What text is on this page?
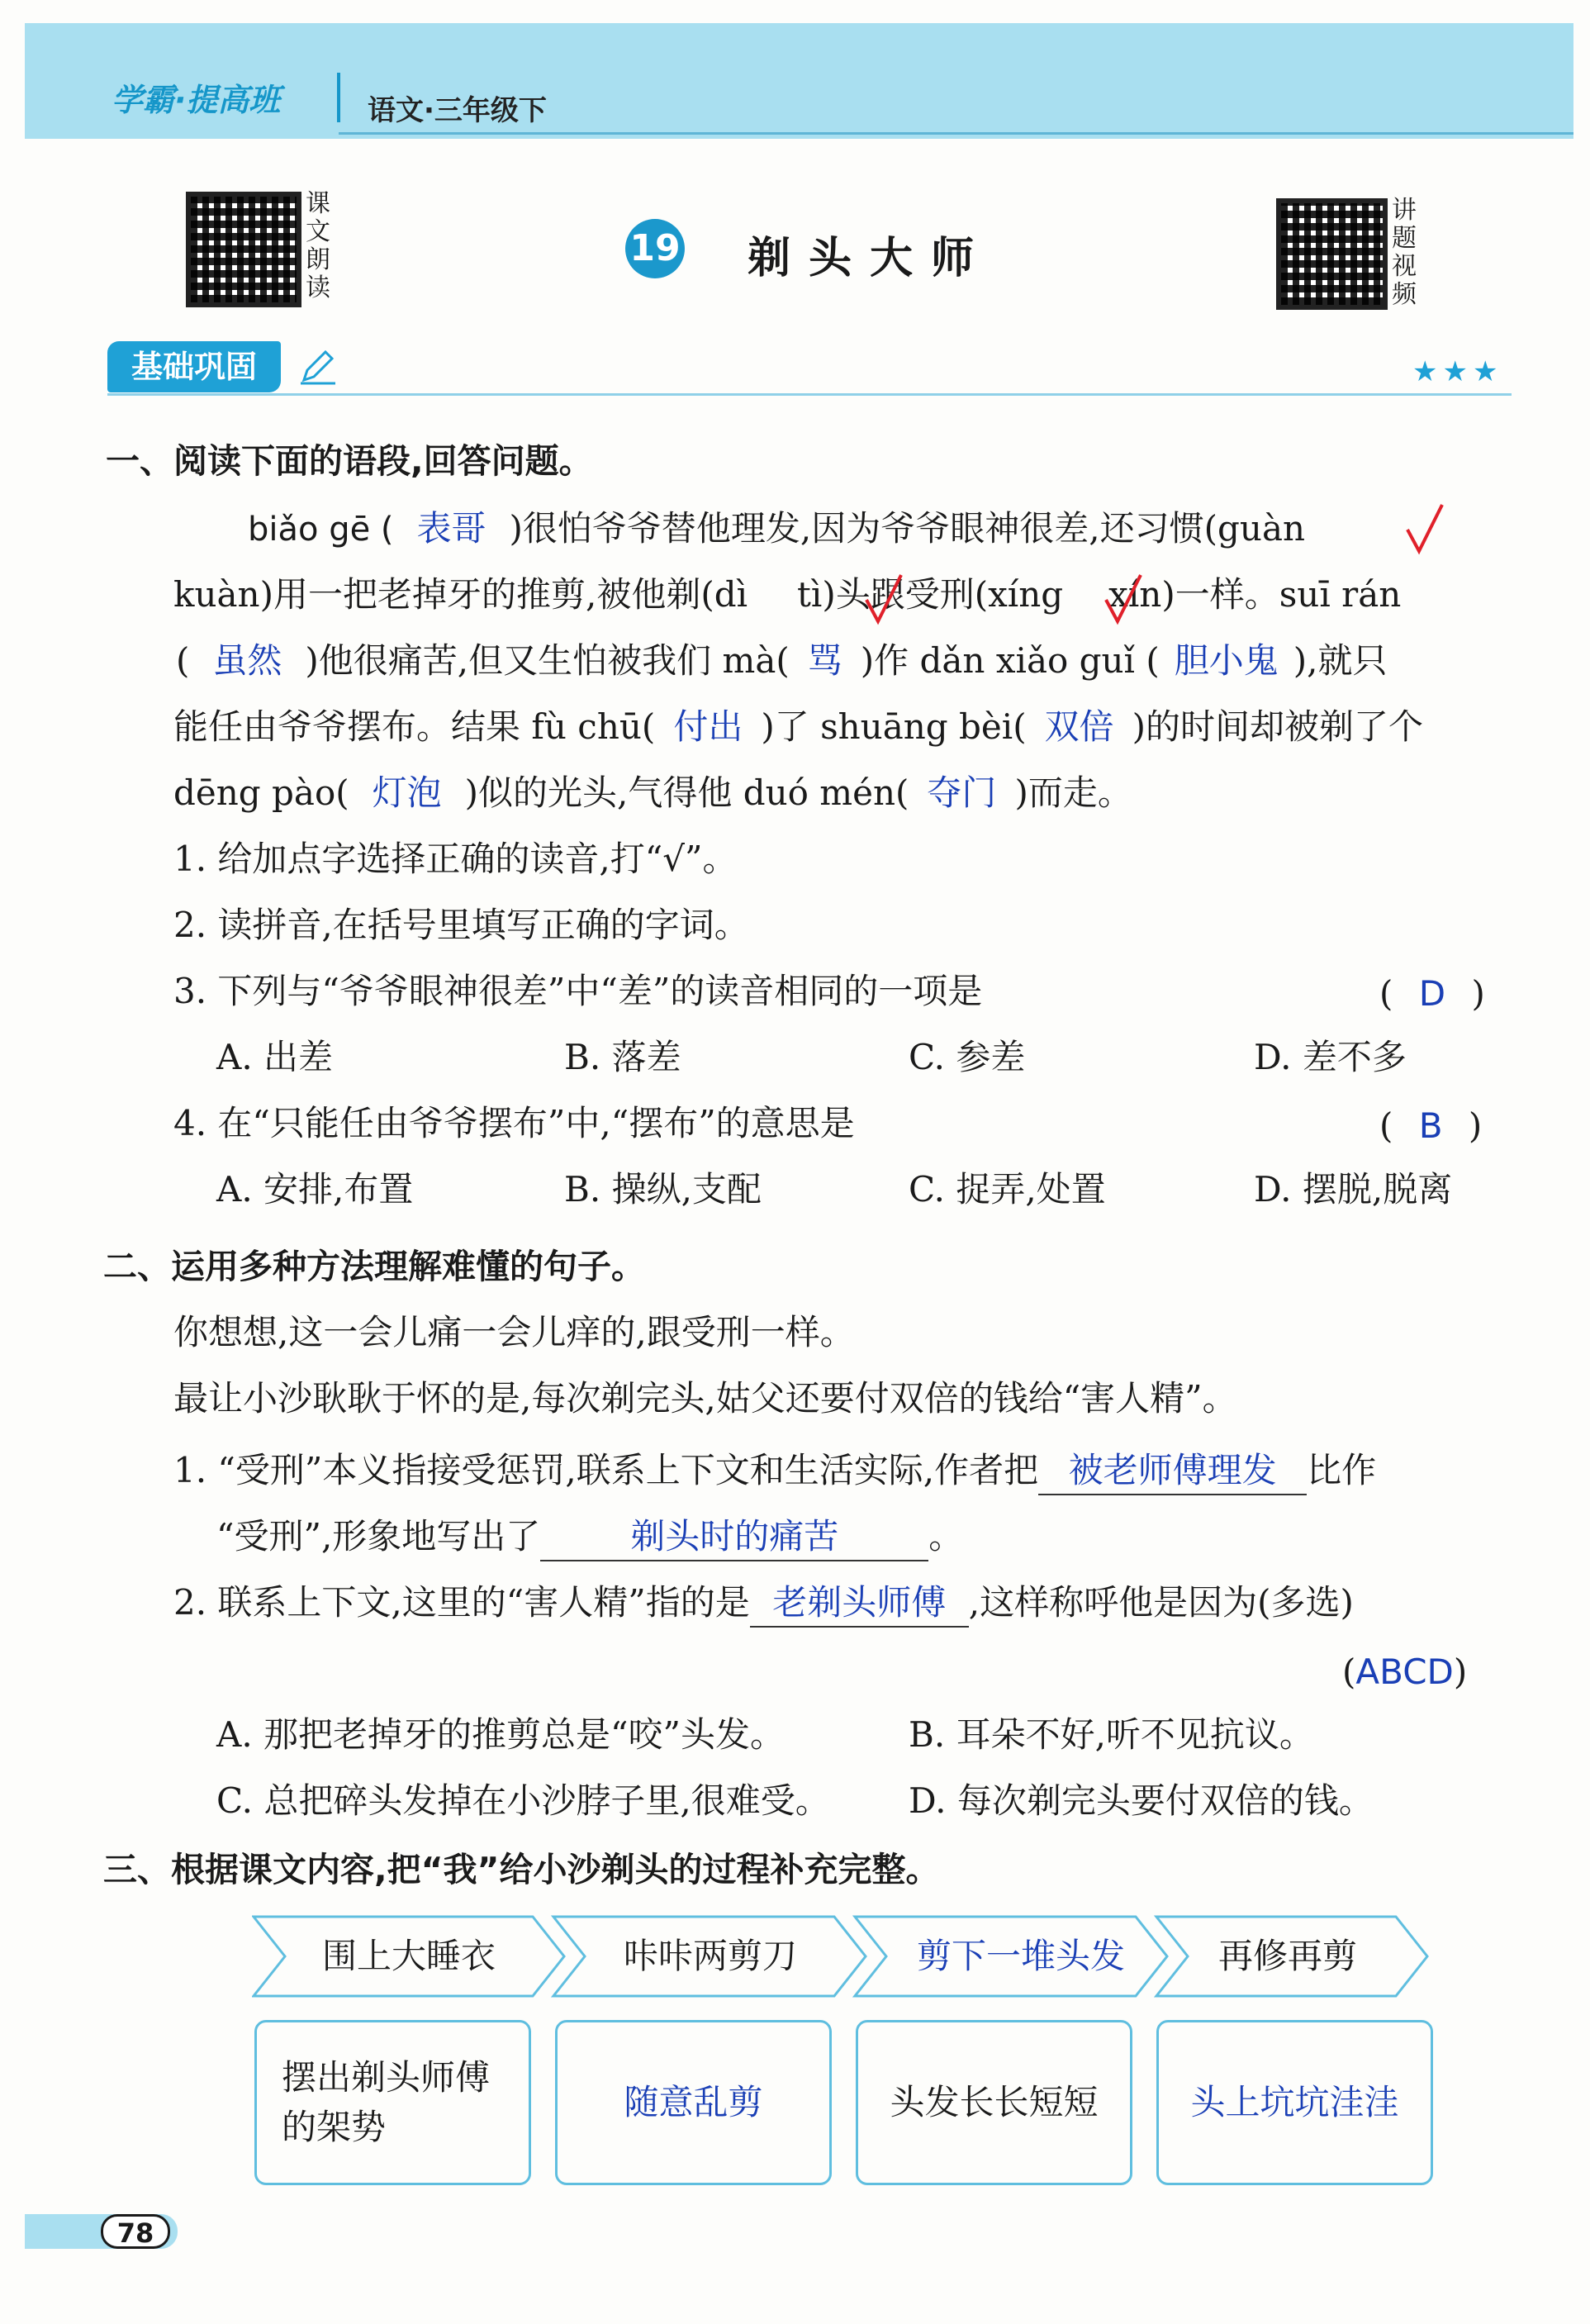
学霸·提高班	语文·三年级下
课
文
朗
读
讲
题
视
频
19 剃头大师
基础巩固	★★★
一、阅读下面的语段,回答问题。
biǎo gē ( 表哥 )很怕爷爷替他理发,因为爷爷眼神很差,还习惯(guàn
kuàn)用一把老掉牙的推剪,被他剃(dì tì)头跟受刑(xíng xín)一样。suī rán
( 虽然 )他很痛苦,但又生怕被我们 mà( 骂 )作 dǎn xiǎo guǐ ( 胆小鬼 ),就只
能任由爷爷摆布。结果 fù chū( 付出 )了 shuāng bèi( 双倍 )的时间却被剃了个
dēng pào( 灯泡 )似的光头,气得他 duó mén( 夺门 )而走。
1. 给加点字选择正确的读音,打“√”。
2. 读拼音,在括号里填写正确的字词。
3. 下列与“爷爷眼神很差”中“差”的读音相同的一项是	( D )
A. 出差	B. 落差	C. 参差	D. 差不多
4. 在“只能任由爷爷摆布”中,“摆布”的意思是	( B )
A. 安排,布置	B. 操纵,支配	C. 捉弄,处置	D. 摆脱,脱离
二、运用多种方法理解难懂的句子。
你想想,这一会儿痛一会儿痒的,跟受刑一样。
最让小沙耿耿于怀的是,每次剃完头,姑父还要付双倍的钱给“害人精”。
1. “受刑”本义指接受惩罚,联系上下文和生活实际,作者把 被老师傅理发 比作
“受刑”,形象地写出了	剃头时的痛苦	。
2. 联系上下文,这里的“害人精”指的是 老剃头师傅 ,这样称呼他是因为(多选)
(ABCD)
A. 那把老掉牙的推剪总是“咬”头发。	B. 耳朵不好,听不见抗议。
C. 总把碎头发掉在小沙脖子里,很难受。 D. 每次剃完头要付双倍的钱。
三、根据课文内容,把“我”给小沙剃头的过程补充完整。
围上大睡衣	咔咔两剪刀	剪下一堆头发	再修再剪
摆出剃头师傅的架势
随意乱剪	头发长长短短	头上坑坑洼洼
78
